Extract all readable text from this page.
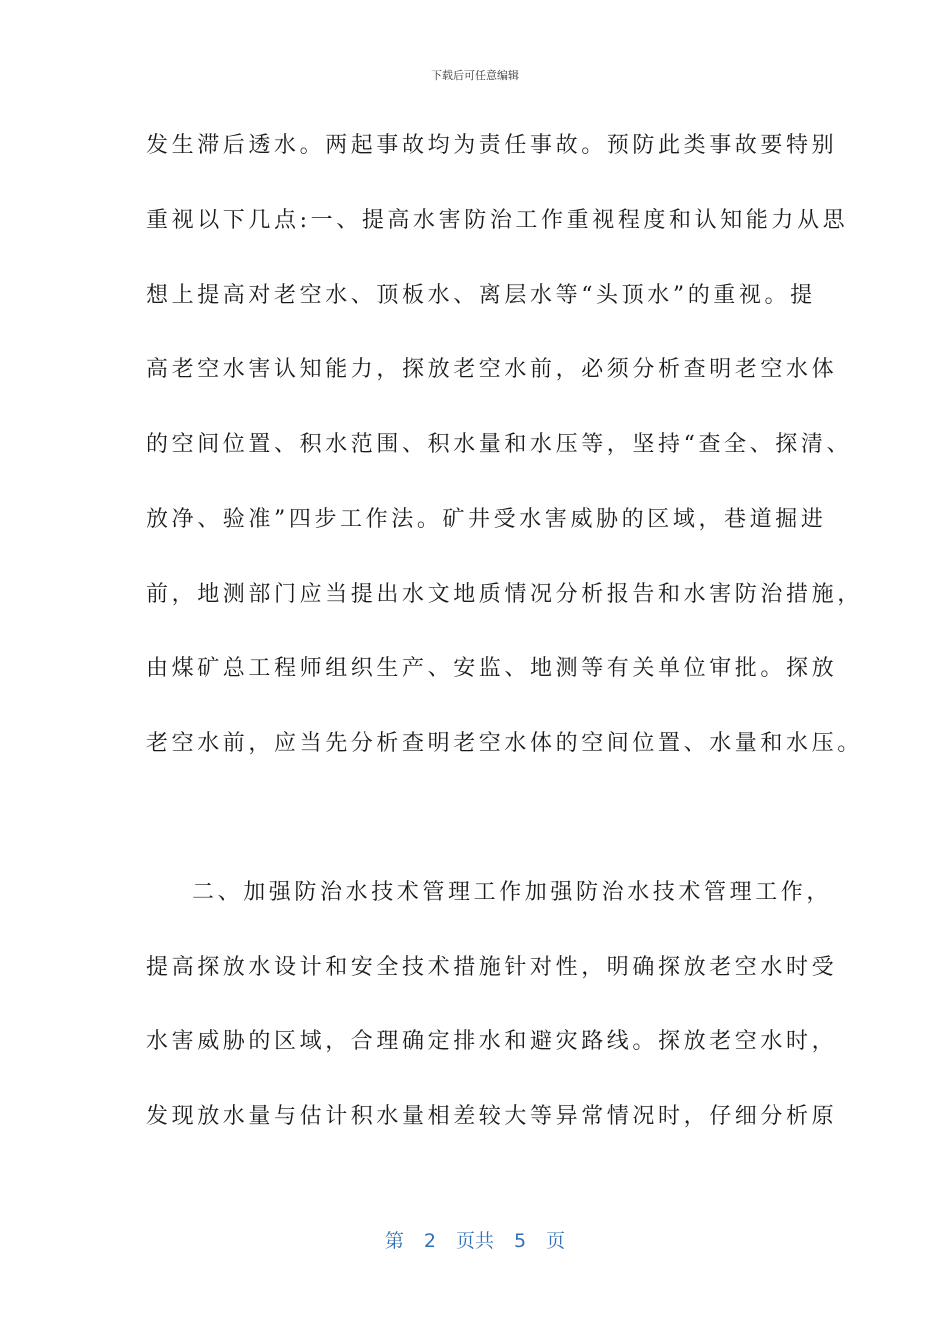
下载后可任意编辑
发生滞后透水。两起事故均为责任事故。预防此类事故要特别
重视以下几点:一、提高水害防治工作重视程度和认知能力从思
想上提高对老空水、顶板水、离层水等“头顶水”的重视。提
高老空水害认知能力，探放老空水前，必须分析查明老空水体
的空间位置、积水范围、积水量和水压等，坚持“查全、探清、
放净、验准”四步工作法。矿井受水害威胁的区域，巷道掘进
前，地测部门应当提出水文地质情况分析报告和水害防治措施，
由煤矿总工程师组织生产、安监、地测等有关单位审批。探放
老空水前，应当先分析查明老空水体的空间位置、水量和水压。
二、加强防治水技术管理工作加强防治水技术管理工作，
提高探放水设计和安全技术措施针对性，明确探放老空水时受
水害威胁的区域，合理确定排水和避灾路线。探放老空水时，
发现放水量与估计积水量相差较大等异常情况时，仔细分析原
第 2 页共 5 页
